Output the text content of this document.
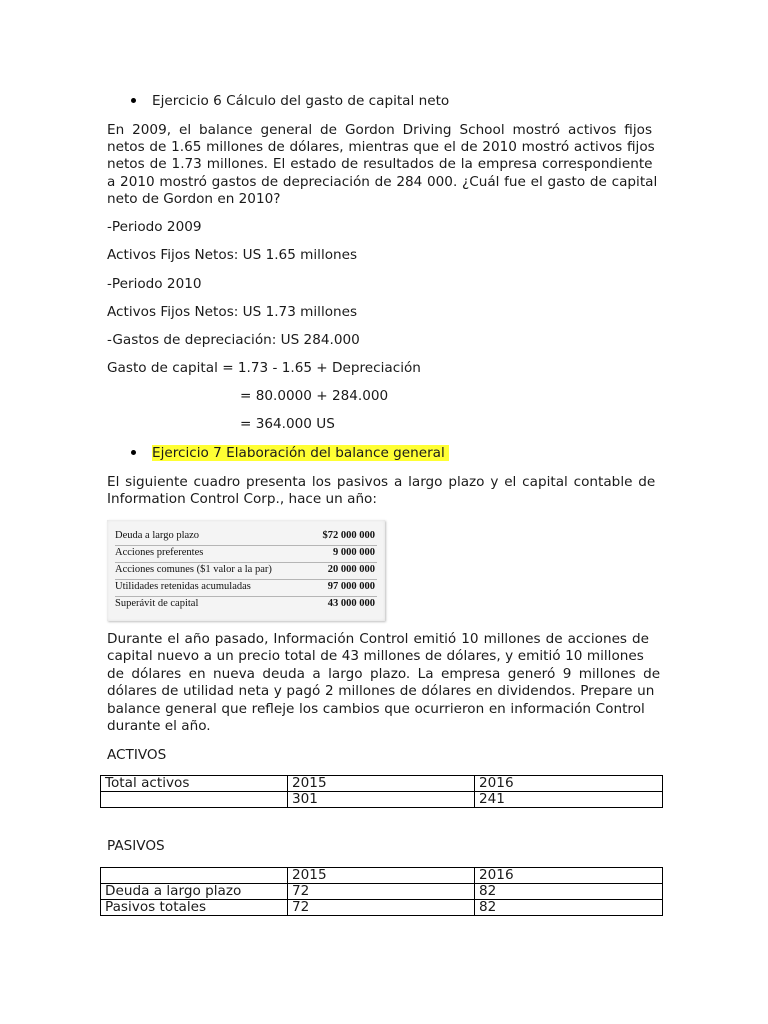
Ejercicio 6 Cálculo del gasto de capital neto
En 2009, el balance general de Gordon Driving School mostró activos fijos
netos de 1.65 millones de dólares, mientras que el de 2010 mostró activos fijos
netos de 1.73 millones. El estado de resultados de la empresa correspondiente
a 2010 mostró gastos de depreciación de 284 000. ¿Cuál fue el gasto de capital
neto de Gordon en 2010?
-Periodo 2009
Activos Fijos Netos: US 1.65 millones
-Periodo 2010
Activos Fijos Netos: US 1.73 millones
-Gastos de depreciación: US 284.000
Gasto de capital = 1.73 - 1.65 + Depreciación
= 80.0000 + 284.000
= 364.000 US
Ejercicio 7 Elaboración del balance general
El siguiente cuadro presenta los pasivos a largo plazo y el capital contable de
Information Control Corp., hace un año:
Deuda a largo plazo	$72 000 000
Acciones preferentes	9 000 000
Acciones comunes ($1 valor a la par)	20 000 000
Utilidades retenidas acumuladas	97 000 000
Superávit de capital	43 000 000
Durante el año pasado, Información Control emitió 10 millones de acciones de
capital nuevo a un precio total de 43 millones de dólares, y emitió 10 millones
de dólares en nueva deuda a largo plazo. La empresa generó 9 millones de
dólares de utilidad neta y pagó 2 millones de dólares en dividendos. Prepare un
balance general que refleje los cambios que ocurrieron en información Control
durante el año.
ACTIVOS
Total activos	2015	2016
	301	241
PASIVOS
	2015	2016
Deuda a largo plazo	72	82
Pasivos totales	72	82
